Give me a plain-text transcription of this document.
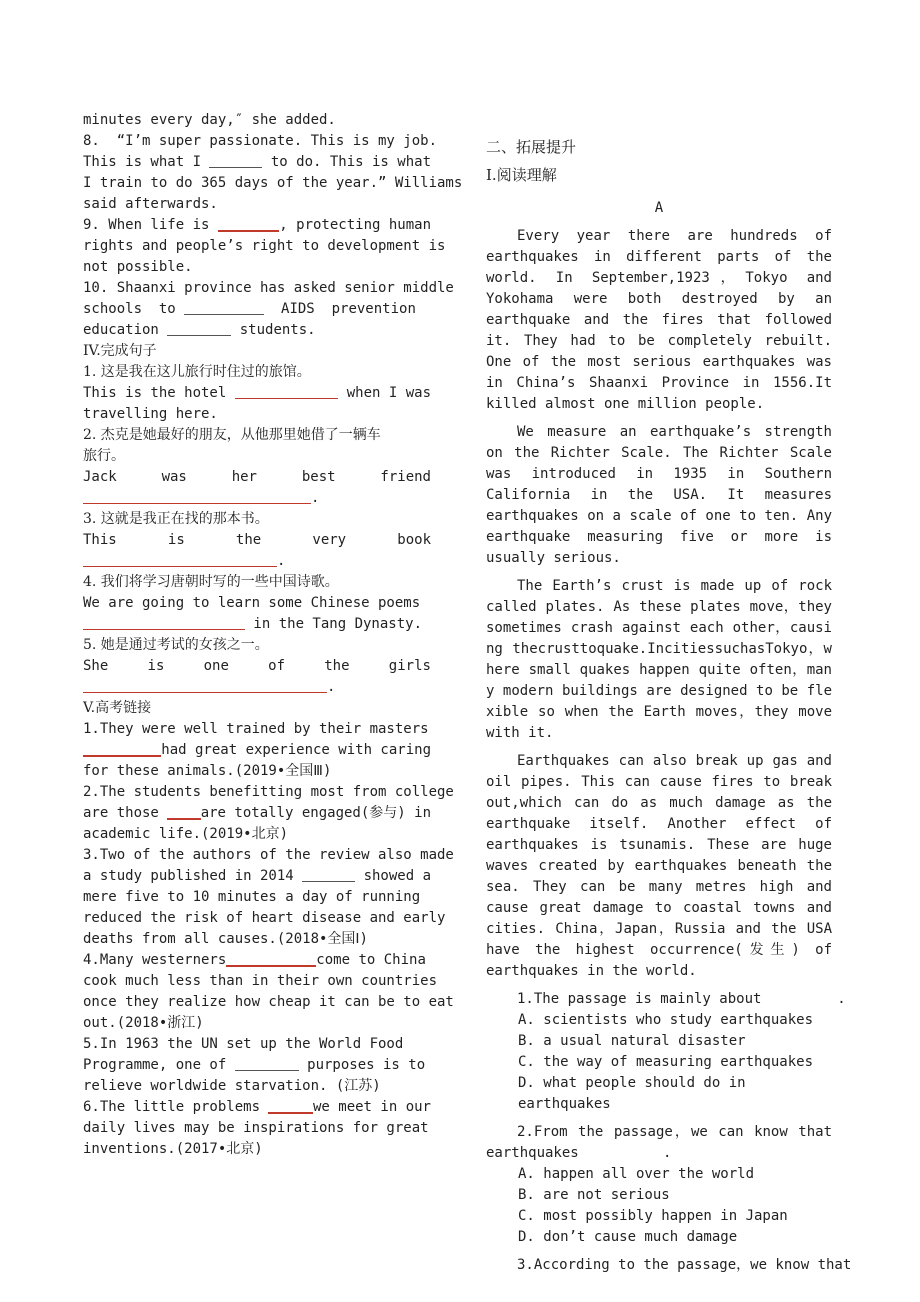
minutes every day,″ she added.
8.  “I’m super passionate. This is my job.
This is what I	to do. This is what
I train to do 365 days of the year.” Williams
said afterwards.
9. When life is	, protecting human
rights and people’s right to development is
not possible.
10. Shaanxi province has asked senior middle
schools  to	AIDS  prevention
education	students.
IV.完成句子
1. 这是我在这儿旅行时住过的旅馆。
This is the hotel	when I was
travelling here.
2. 杰克是她最好的朋友，从他那里她借了一辆车
旅行。
Jack	was	her	best	friend
.
3. 这就是我正在找的那本书。
This	is	the	very	book
.
4. 我们将学习唐朝时写的一些中国诗歌。
We are going to learn some Chinese poems
in the Tang Dynasty.
5. 她是通过考试的女孩之一。
She	is	one	of	the	girls
.
V.高考链接
1.They were well trained by their masters
had great experience with caring
for these animals.(2019•全国Ⅲ)
2.The students benefitting most from college
are those are totally engaged(参与) in
academic life.(2019•北京)
3.Two of the authors of the review also made
a study published in 2014	showed a
mere five to 10 minutes a day of running
reduced the risk of heart disease and early
deaths from all causes.(2018•全国Ⅰ)
4.Many westerners	come to China
cook much less than in their own countries
once they realize how cheap it can be to eat
out.(2018•浙江)
5.In 1963 the UN set up the World Food
Programme, one of	purposes is to
relieve worldwide starvation. (江苏)
6.The little problems	we meet in our
daily lives may be inspirations for great
inventions.(2017•北京)
二、拓展提升
I.阅读理解
A
Every year there are hundreds of earthquakes in different parts of the world. In September,1923，Tokyo and Yokohama were both destroyed by an earthquake and the fires that followed it. They had to be completely rebuilt. One of the most serious earthquakes was in China’s Shaanxi Province in 1556.It killed almost one million people.
We measure an earthquake’s strength on the Richter Scale. The Richter Scale was introduced in 1935 in Southern California in the USA. It measures earthquakes on a scale of one to ten. Any earthquake measuring five or more is usually serious.
The Earth’s crust is made up of rock called plates. As these plates move，they sometimes crash against each other，causing thecrusttoquake.IncitiessuchasTokyo，where small quakes happen quite often，many modern buildings are designed to be flexible so when the Earth moves，they move with it.
Earthquakes can also break up gas and oil pipes. This can cause fires to break out,which can do as much damage as the earthquake itself. Another effect of earthquakes is tsunamis. These are huge waves created by earthquakes beneath the sea. They can be many metres high and cause great damage to coastal towns and cities. China，Japan，Russia and the USA have the highest occurrence(发生) of earthquakes in the world.
1.The passage is mainly about         .
A. scientists who study earthquakes
B. a usual natural disaster
C. the way of measuring earthquakes
D. what people should do in earthquakes
2.From the passage，we can know that
earthquakes          .
A. happen all over the world
B. are not serious
C. most possibly happen in Japan
D. don’t cause much damage
3.According to the passage，we know that
